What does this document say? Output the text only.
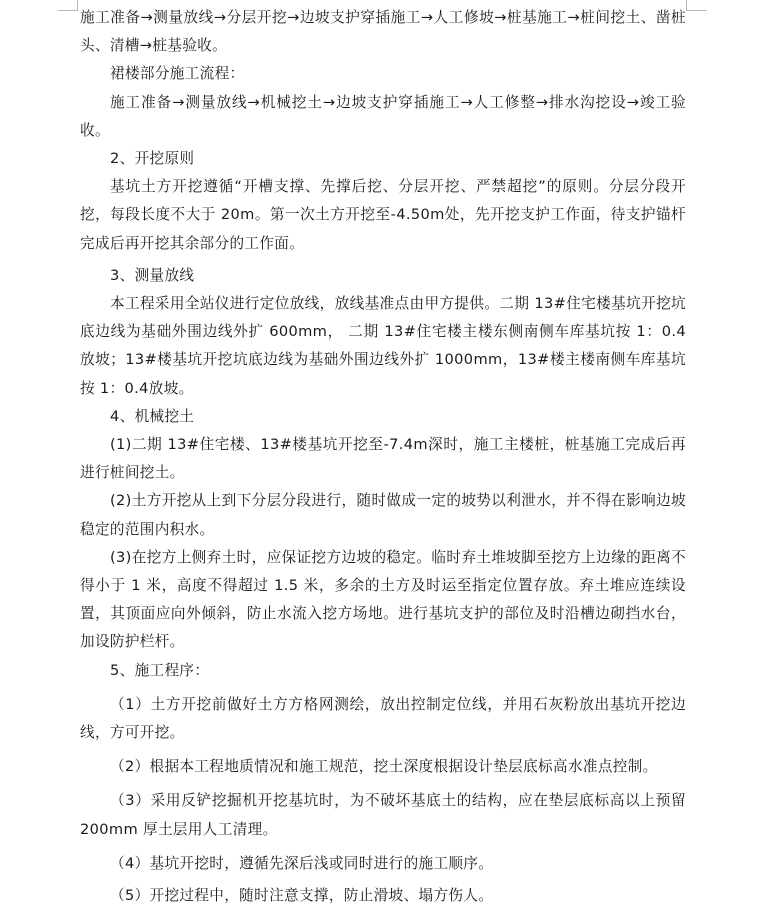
施工准备→测量放线→分层开挖→边坡支护穿插施工→人工修坡→桩基施工→桩间挖土、凿桩头、清槽→桩基验收。

裙楼部分施工流程：

施工准备→测量放线→机械挖土→边坡支护穿插施工→人工修整→排水沟挖设→竣工验收。

2、开挖原则

基坑土方开挖遵循“开槽支撑、先撑后挖、分层开挖、严禁超挖”的原则。分层分段开挖，每段长度不大于 20m。第一次土方开挖至-4.50m处，先开挖支护工作面，待支护锚杆完成后再开挖其余部分的工作面。

3、测量放线

本工程采用全站仪进行定位放线，放线基准点由甲方提供。二期 13#住宅楼基坑开挖坑底边线为基础外围边线外扩 600mm， 二期 13#住宅楼主楼东侧南侧车库基坑按 1：0.4放坡；13#楼基坑开挖坑底边线为基础外围边线外扩 1000mm，13#楼主楼南侧车库基坑按 1：0.4放坡。

4、机械挖土

(1)二期 13#住宅楼、13#楼基坑开挖至-7.4m深时，施工主楼桩，桩基施工完成后再进行桩间挖土。

(2)土方开挖从上到下分层分段进行，随时做成一定的坡势以利泄水，并不得在影响边坡稳定的范围内积水。

(3)在挖方上侧弃土时，应保证挖方边坡的稳定。临时弃土堆坡脚至挖方上边缘的距离不得小于 1 米，高度不得超过 1.5 米，多余的土方及时运至指定位置存放。弃土堆应连续设置，其顶面应向外倾斜，防止水流入挖方场地。进行基坑支护的部位及时沿槽边砌挡水台，加设防护栏杆。

5、施工程序：

（1）土方开挖前做好土方方格网测绘，放出控制定位线，并用石灰粉放出基坑开挖边线，方可开挖。

（2）根据本工程地质情况和施工规范，挖土深度根据设计垫层底标高水准点控制。

（3）采用反铲挖掘机开挖基坑时，为不破坏基底土的结构，应在垫层底标高以上预留 200mm 厚土层用人工清理。

（4）基坑开挖时，遵循先深后浅或同时进行的施工顺序。

（5）开挖过程中，随时注意支撑，防止滑坡、塌方伤人。
